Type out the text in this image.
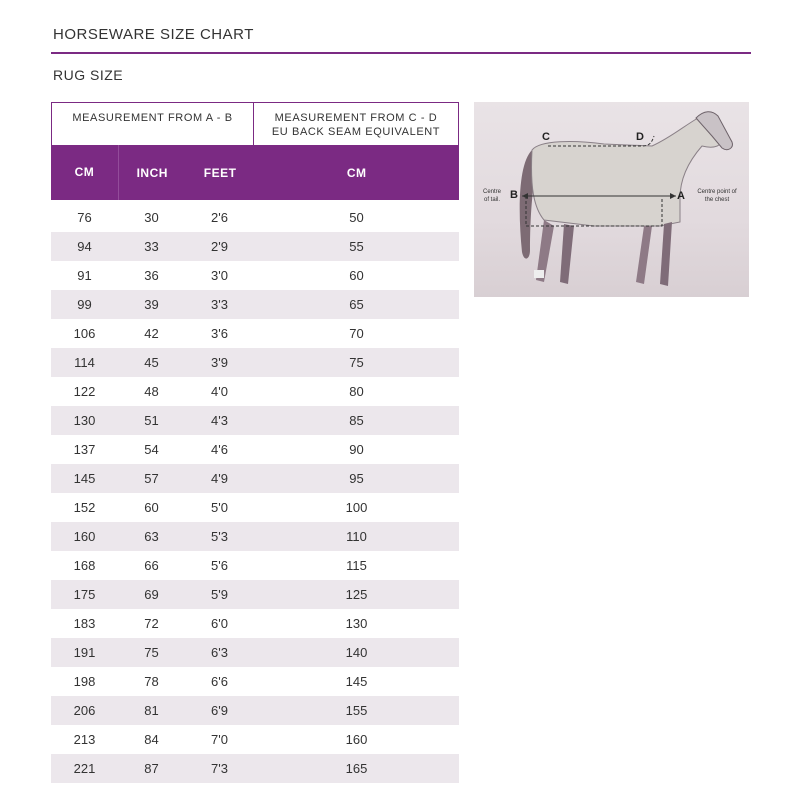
HORSEWARE SIZE CHART
RUG SIZE
MEASUREMENT FROM A - B	MEASUREMENT FROM C - D
EU BACK SEAM EQUIVALENT
CM	INCH	FEET	CM
76	30	2'6	50
94	33	2'9	55
91	36	3'0	60
99	39	3'3	65
106	42	3'6	70
114	45	3'9	75
122	48	4'0	80
130	51	4'3	85
137	54	4'6	90
145	57	4'9	95
152	60	5'0	100
160	63	5'3	110
168	66	5'6	115
175	69	5'9	125
183	72	6'0	130
191	75	6'3	140
198	78	6'6	145
206	81	6'9	155
213	84	7'0	160
221	87	7'3	165
C	D
B	A
Centre
of tail.
Centre point of
the chest
